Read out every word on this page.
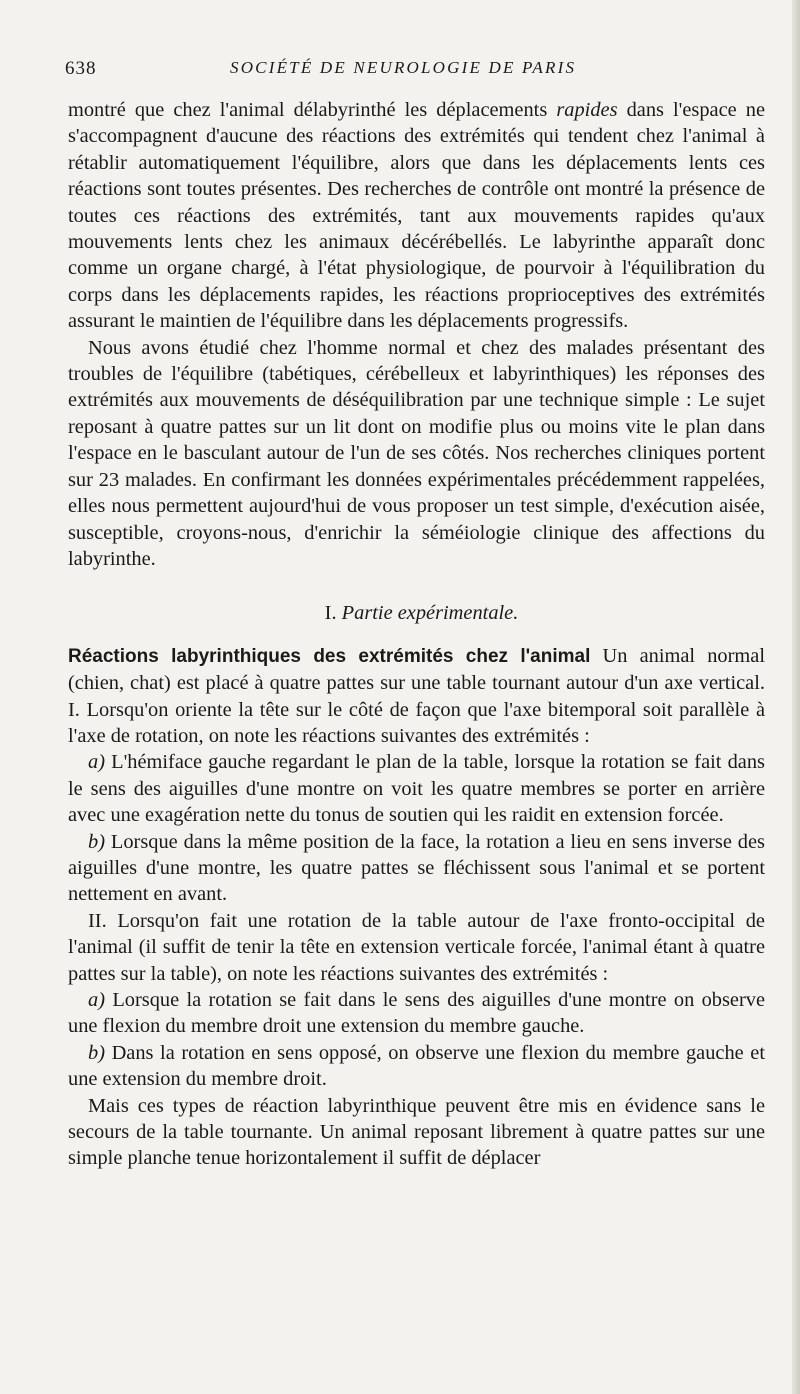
638	SOCIÉTÉ DE NEUROLOGIE DE PARIS

montré que chez l'animal délabyrinthé les déplacements rapides dans l'espace ne s'accompagnent d'aucune des réactions des extrémités qui tendent chez l'animal à rétablir automatiquement l'équilibre, alors que dans les déplacements lents ces réactions sont toutes présentes. Des recherches de contrôle ont montré la présence de toutes ces réactions des extrémités, tant aux mouvements rapides qu'aux mouvements lents chez les animaux décérébellés. Le labyrinthe apparaît donc comme un organe chargé, à l'état physiologique, de pourvoir à l'équilibration du corps dans les déplacements rapides, les réactions proprioceptives des extrémités assurant le maintien de l'équilibre dans les déplacements progressifs.

Nous avons étudié chez l'homme normal et chez des malades présentant des troubles de l'équilibre (tabétiques, cérébelleux et labyrinthiques) les réponses des extrémités aux mouvements de déséquilibration par une technique simple : Le sujet reposant à quatre pattes sur un lit dont on modifie plus ou moins vite le plan dans l'espace en le basculant autour de l'un de ses côtés. Nos recherches cliniques portent sur 23 malades. En confirmant les données expérimentales précédemment rappelées, elles nous permettent aujourd'hui de vous proposer un test simple, d'exécution aisée, susceptible, croyons-nous, d'enrichir la séméiologie clinique des affections du labyrinthe.

I. Partie expérimentale.

Réactions labyrinthiques des extrémités chez l'animal Un animal normal (chien, chat) est placé à quatre pattes sur une table tournant autour d'un axe vertical. I. Lorsqu'on oriente la tête sur le côté de façon que l'axe bitemporal soit parallèle à l'axe de rotation, on note les réactions suivantes des extrémités :

a) L'hémiface gauche regardant le plan de la table, lorsque la rotation se fait dans le sens des aiguilles d'une montre on voit les quatre membres se porter en arrière avec une exagération nette du tonus de soutien qui les raidit en extension forcée.

b) Lorsque dans la même position de la face, la rotation a lieu en sens inverse des aiguilles d'une montre, les quatre pattes se fléchissent sous l'animal et se portent nettement en avant.

II. Lorsqu'on fait une rotation de la table autour de l'axe fronto-occipital de l'animal (il suffit de tenir la tête en extension verticale forcée, l'animal étant à quatre pattes sur la table), on note les réactions suivantes des extrémités :

a) Lorsque la rotation se fait dans le sens des aiguilles d'une montre on observe une flexion du membre droit une extension du membre gauche.

b) Dans la rotation en sens opposé, on observe une flexion du membre gauche et une extension du membre droit.

Mais ces types de réaction labyrinthique peuvent être mis en évidence sans le secours de la table tournante. Un animal reposant librement à quatre pattes sur une simple planche tenue horizontalement il suffit de déplacer
